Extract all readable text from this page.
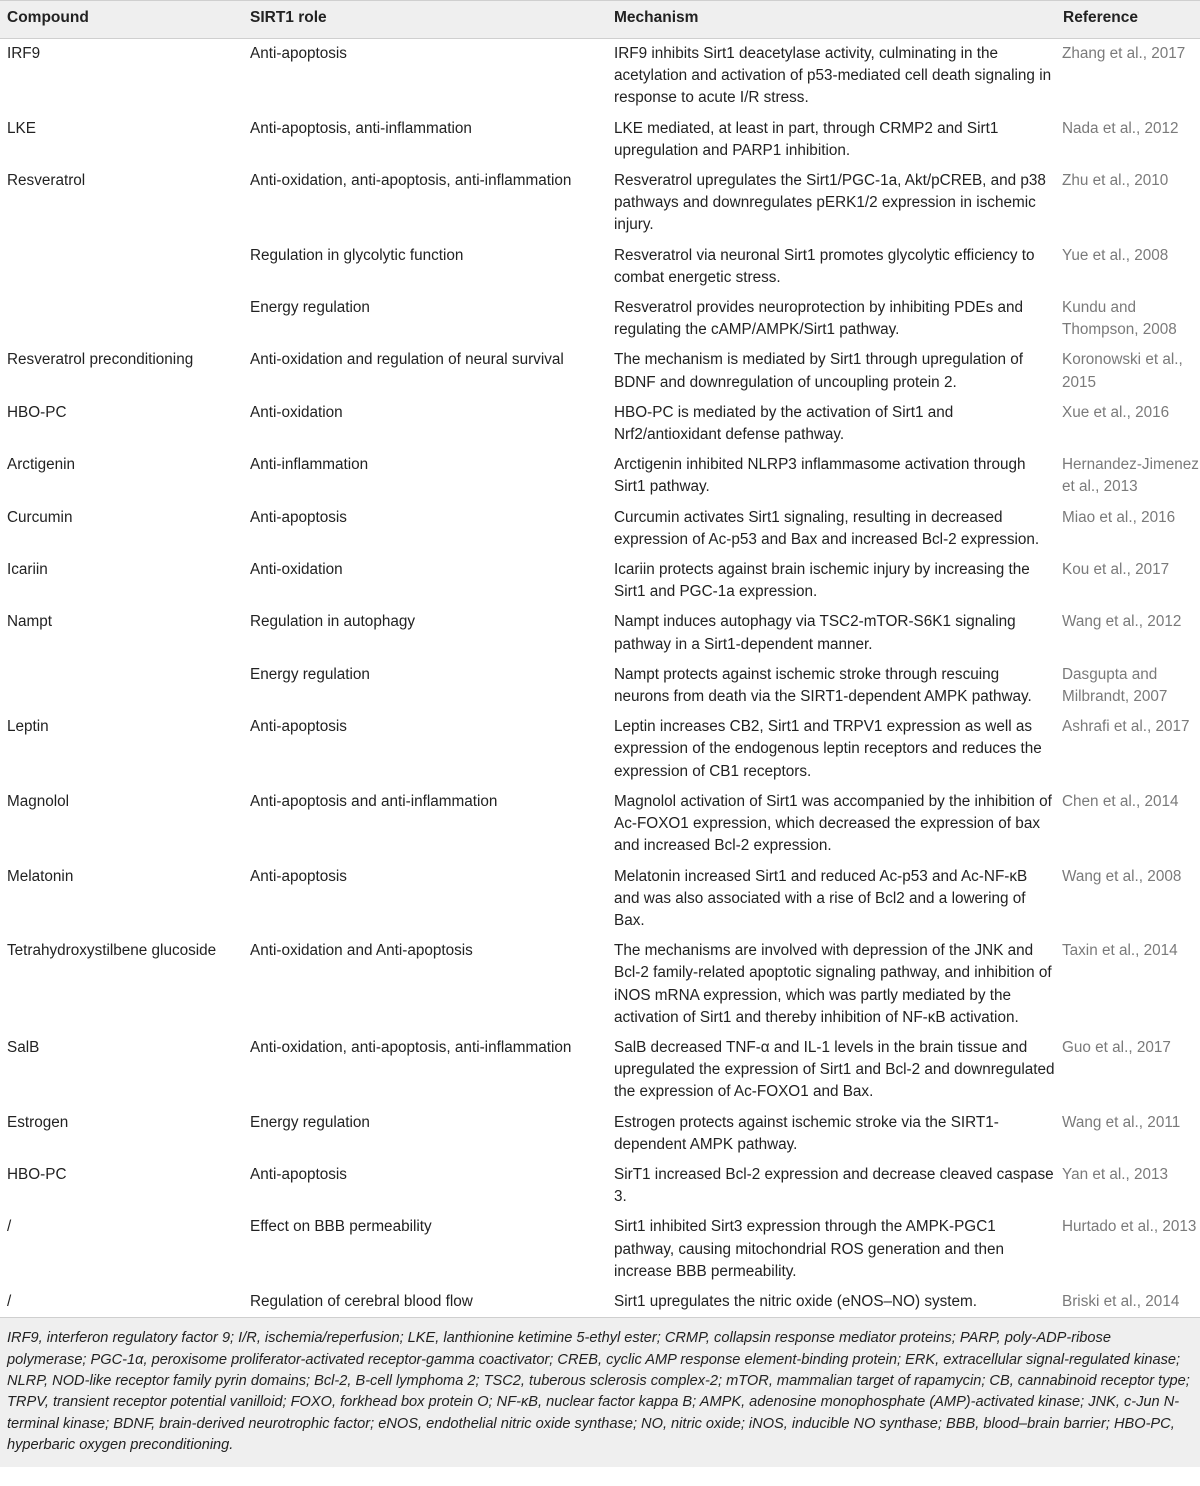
Compound	SIRT1 role	Mechanism	Reference
IRF9	Anti-apoptosis	IRF9 inhibits Sirt1 deacetylase activity, culminating in the acetylation and activation of p53-mediated cell death signaling in response to acute I/R stress.	Zhang et al., 2017
LKE	Anti-apoptosis, anti-inflammation	LKE mediated, at least in part, through CRMP2 and Sirt1 upregulation and PARP1 inhibition.	Nada et al., 2012
Resveratrol	Anti-oxidation, anti-apoptosis, anti-inflammation	Resveratrol upregulates the Sirt1/PGC-1a, Akt/pCREB, and p38 pathways and downregulates pERK1/2 expression in ischemic injury.	Zhu et al., 2010
	Regulation in glycolytic function	Resveratrol via neuronal Sirt1 promotes glycolytic efficiency to combat energetic stress.	Yue et al., 2008
	Energy regulation	Resveratrol provides neuroprotection by inhibiting PDEs and regulating the cAMP/AMPK/Sirt1 pathway.	Kundu and Thompson, 2008
Resveratrol preconditioning	Anti-oxidation and regulation of neural survival	The mechanism is mediated by Sirt1 through upregulation of BDNF and downregulation of uncoupling protein 2.	Koronowski et al., 2015
HBO-PC	Anti-oxidation	HBO-PC is mediated by the activation of Sirt1 and Nrf2/antioxidant defense pathway.	Xue et al., 2016
Arctigenin	Anti-inflammation	Arctigenin inhibited NLRP3 inflammasome activation through Sirt1 pathway.	Hernandez-Jimenez et al., 2013
Curcumin	Anti-apoptosis	Curcumin activates Sirt1 signaling, resulting in decreased expression of Ac-p53 and Bax and increased Bcl-2 expression.	Miao et al., 2016
Icariin	Anti-oxidation	Icariin protects against brain ischemic injury by increasing the Sirt1 and PGC-1a expression.	Kou et al., 2017
Nampt	Regulation in autophagy	Nampt induces autophagy via TSC2-mTOR-S6K1 signaling pathway in a Sirt1-dependent manner.	Wang et al., 2012
	Energy regulation	Nampt protects against ischemic stroke through rescuing neurons from death via the SIRT1-dependent AMPK pathway.	Dasgupta and Milbrandt, 2007
Leptin	Anti-apoptosis	Leptin increases CB2, Sirt1 and TRPV1 expression as well as expression of the endogenous leptin receptors and reduces the expression of CB1 receptors.	Ashrafi et al., 2017
Magnolol	Anti-apoptosis and anti-inflammation	Magnolol activation of Sirt1 was accompanied by the inhibition of Ac-FOXO1 expression, which decreased the expression of bax and increased Bcl-2 expression.	Chen et al., 2014
Melatonin	Anti-apoptosis	Melatonin increased Sirt1 and reduced Ac-p53 and Ac-NF-κB and was also associated with a rise of Bcl2 and a lowering of Bax.	Wang et al., 2008
Tetrahydroxystilbene glucoside	Anti-oxidation and Anti-apoptosis	The mechanisms are involved with depression of the JNK and Bcl-2 family-related apoptotic signaling pathway, and inhibition of iNOS mRNA expression, which was partly mediated by the activation of Sirt1 and thereby inhibition of NF-κB activation.	Taxin et al., 2014
SalB	Anti-oxidation, anti-apoptosis, anti-inflammation	SalB decreased TNF-α and IL-1 levels in the brain tissue and upregulated the expression of Sirt1 and Bcl-2 and downregulated the expression of Ac-FOXO1 and Bax.	Guo et al., 2017
Estrogen	Energy regulation	Estrogen protects against ischemic stroke via the SIRT1-dependent AMPK pathway.	Wang et al., 2011
HBO-PC	Anti-apoptosis	SirT1 increased Bcl-2 expression and decrease cleaved caspase 3.	Yan et al., 2013
/	Effect on BBB permeability	Sirt1 inhibited Sirt3 expression through the AMPK-PGC1 pathway, causing mitochondrial ROS generation and then increase BBB permeability.	Hurtado et al., 2013
/	Regulation of cerebral blood flow	Sirt1 upregulates the nitric oxide (eNOS–NO) system.	Briski et al., 2014
IRF9, interferon regulatory factor 9; I/R, ischemia/reperfusion; LKE, lanthionine ketimine 5-ethyl ester; CRMP, collapsin response mediator proteins; PARP, poly-ADP-ribose polymerase; PGC-1α, peroxisome proliferator-activated receptor-gamma coactivator; CREB, cyclic AMP response element-binding protein; ERK, extracellular signal-regulated kinase; NLRP, NOD-like receptor family pyrin domains; Bcl-2, B-cell lymphoma 2; TSC2, tuberous sclerosis complex-2; mTOR, mammalian target of rapamycin; CB, cannabinoid receptor type; TRPV, transient receptor potential vanilloid; FOXO, forkhead box protein O; NF-κB, nuclear factor kappa B; AMPK, adenosine monophosphate (AMP)-activated kinase; JNK, c-Jun N-terminal kinase; BDNF, brain-derived neurotrophic factor; eNOS, endothelial nitric oxide synthase; NO, nitric oxide; iNOS, inducible NO synthase; BBB, blood–brain barrier; HBO-PC, hyperbaric oxygen preconditioning.
